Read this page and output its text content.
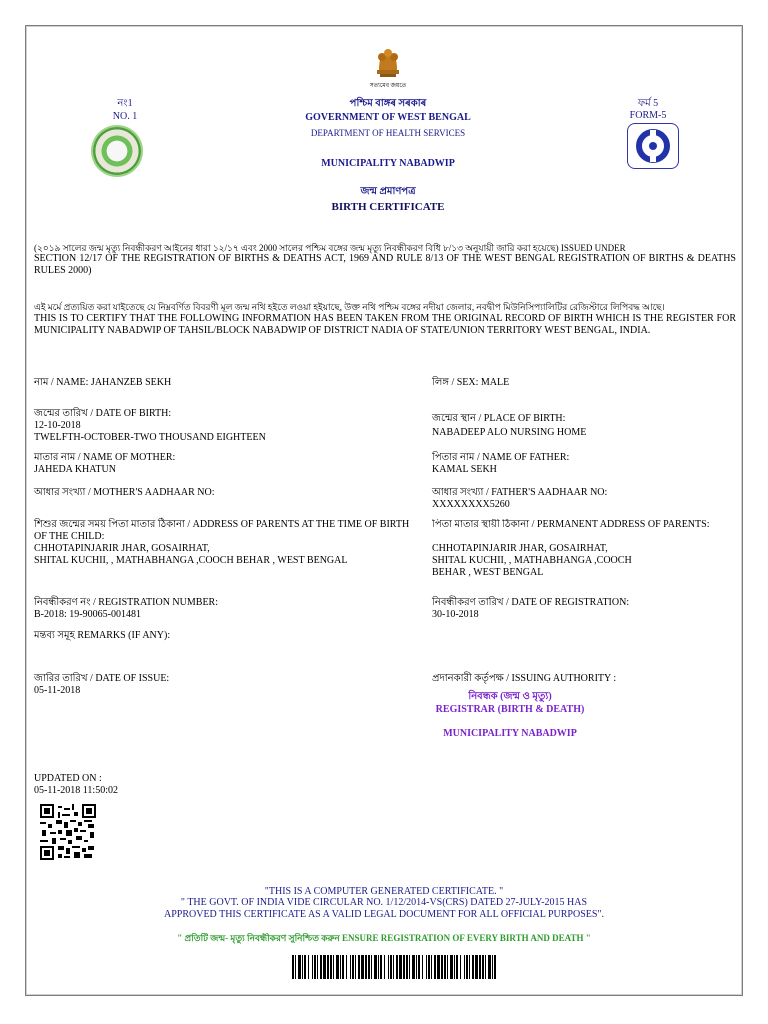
সত্যমেব জয়তে
নং1
NO. 1
ফর্ম 5
FORM-5
পশ্চিম বাঙ্গৰ সৰকাৰ
GOVERNMENT OF WEST BENGAL
DEPARTMENT OF HEALTH SERVICES
MUNICIPALITY NABADWIP
জন্ম প্রমাণপত্র
BIRTH CERTIFICATE
(২০১৯ সালের জন্ম মৃত্যু নিবন্ধীকরণ আইনের ধারা ১২/১৭ এবং 2000 সালের পশ্চিম বঙ্গের জন্ম মৃত্যু নিবন্ধীকরণ বিধি ৮/১৩ অনুযায়ী জারি করা হয়েছে) ISSUED UNDER
SECTION 12/17 OF THE REGISTRATION OF BIRTHS & DEATHS ACT, 1969 AND RULE 8/13 OF THE WEST BENGAL REGISTRATION OF BIRTHS & DEATHS RULES 2000)
এই মর্মে প্রত্যয়িত করা যাইতেছে যে নিম্নবর্ণিত বিবরণী মূল জন্ম নথি হইতে লওয়া হইয়াছে, উক্ত নথি পশ্চিম বঙ্গের নদীয়া জেলার, নবদ্বীপ মিউনিসিপ্যালিটির রেজিস্টারে লিপিবদ্ধ আছে।
THIS IS TO CERTIFY THAT THE FOLLOWING INFORMATION HAS BEEN TAKEN FROM THE ORIGINAL RECORD OF BIRTH WHICH IS THE REGISTER FOR MUNICIPALITY NABADWIP OF TAHSIL/BLOCK NABADWIP OF DISTRICT NADIA OF STATE/UNION TERRITORY WEST BENGAL, INDIA.
নাম / NAME: JAHANZEB SEKH	লিঙ্গ / SEX: MALE
জন্মের তারিখ / DATE OF BIRTH:
12-10-2018
TWELFTH-OCTOBER-TWO THOUSAND EIGHTEEN
জন্মের স্থান / PLACE OF BIRTH:
NABADEEP ALO NURSING HOME
মাতার নাম / NAME OF MOTHER:
JAHEDA KHATUN
পিতার নাম / NAME OF FATHER:
KAMAL SEKH
আধার সংখ্যা / MOTHER'S AADHAAR NO:	আধার সংখ্যা / FATHER'S AADHAAR NO:
XXXXXXXX5260
শিশুর জন্মের সময় পিতা মাতার ঠিকানা / ADDRESS OF PARENTS AT THE TIME OF BIRTH OF THE CHILD:
CHHOTAPINJARIR JHAR, GOSAIRHAT,
SHITAL KUCHII, , MATHABHANGA ,COOCH BEHAR , WEST BENGAL
পিতা মাতার স্থায়ী ঠিকানা / PERMANENT ADDRESS OF PARENTS:
CHHOTAPINJARIR JHAR, GOSAIRHAT,
SHITAL KUCHII, , MATHABHANGA ,COOCH
BEHAR , WEST BENGAL
নিবন্ধীকরণ নং / REGISTRATION NUMBER:
B-2018: 19-90065-001481
নিবন্ধীকরণ তারিখ / DATE OF REGISTRATION:
30-10-2018
মন্তব্য সমূহ REMARKS (IF ANY):
জারির তারিখ / DATE OF ISSUE:
05-11-2018
প্রদানকারী কর্তৃপক্ষ / ISSUING AUTHORITY :
নিবন্ধক (জন্ম ও মৃত্যু)
REGISTRAR (BIRTH & DEATH)
MUNICIPALITY NABADWIP
UPDATED ON :
05-11-2018 11:50:02
"THIS IS A COMPUTER GENERATED CERTIFICATE. "
" THE GOVT. OF INDIA VIDE CIRCULAR NO. 1/12/2014-VS(CRS) DATED 27-JULY-2015 HAS
APPROVED THIS CERTIFICATE AS A VALID LEGAL DOCUMENT FOR ALL OFFICIAL PURPOSES".
" প্রতিটি জন্ম- মৃত্যু নিবন্ধীকরণ সুনিশ্চিত করুন ENSURE REGISTRATION OF EVERY BIRTH AND DEATH "
